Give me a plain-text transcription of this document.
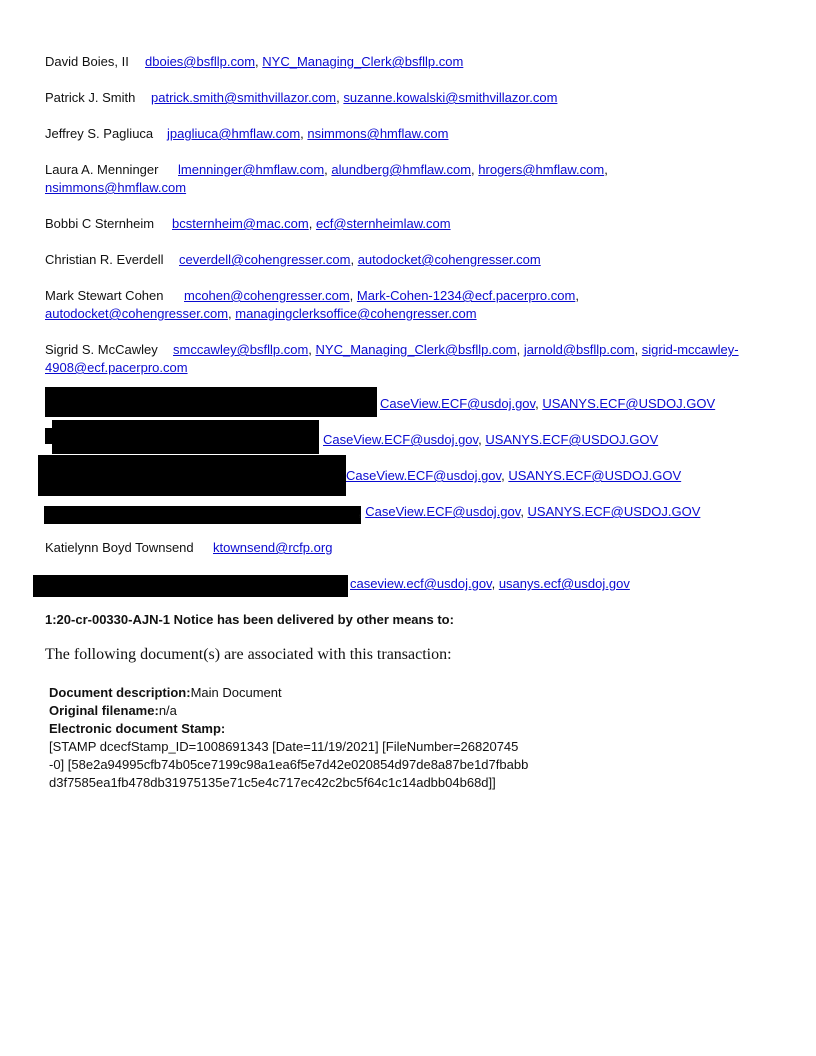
David Boies, II dboies@bsfllp.com, NYC_Managing_Clerk@bsfllp.com
Patrick J. Smith patrick.smith@smithvillazor.com, suzanne.kowalski@smithvillazor.com
Jeffrey S. Pagliuca jpagliuca@hmflaw.com, nsimmons@hmflaw.com
Laura A. Menninger lmenninger@hmflaw.com, alundberg@hmflaw.com, hrogers@hmflaw.com,
nsimmons@hmflaw.com
Bobbi C Sternheim bcsternheim@mac.com, ecf@sternheimlaw.com
Christian R. Everdell ceverdell@cohengresser.com, autodocket@cohengresser.com
Mark Stewart Cohen mcohen@cohengresser.com, Mark-Cohen-1234@ecf.pacerpro.com,
autodocket@cohengresser.com, managingclerksoffice@cohengresser.com
Sigrid S. McCawley smccawley@bsfllp.com, NYC_Managing_Clerk@bsfllp.com, jarnold@bsfllp.com, sigrid-mccawley-
4908@ecf.pacerpro.com
CaseView.ECF@usdoj.gov, USANYS.ECF@USDOJ.GOV
CaseView.ECF@usdoj.gov, USANYS.ECF@USDOJ.GOV
CaseView.ECF@usdoj.gov, USANYS.ECF@USDOJ.GOV
, CaseView.ECF@usdoj.gov, USANYS.ECF@USDOJ.GOV
Katielynn Boyd Townsend ktownsend@rcfp.org
caseview.ecf@usdoj.gov, usanys.ecf@usdoj.gov
1:20-cr-00330-AJN-1 Notice has been delivered by other means to:
The following document(s) are associated with this transaction:
Document description:Main Document
Original filename:n/a
Electronic document Stamp:
[STAMP dcecfStamp_ID=1008691343 [Date=11/19/2021] [FileNumber=26820745
-0] [58e2a94995cfb74b05ce7199c98a1ea6f5e7d42e020854d97de8a87be1d7fbabb
d3f7585ea1fb478db31975135e71c5e4c717ec42c2bc5f64c1c14adbb04b68d]]
